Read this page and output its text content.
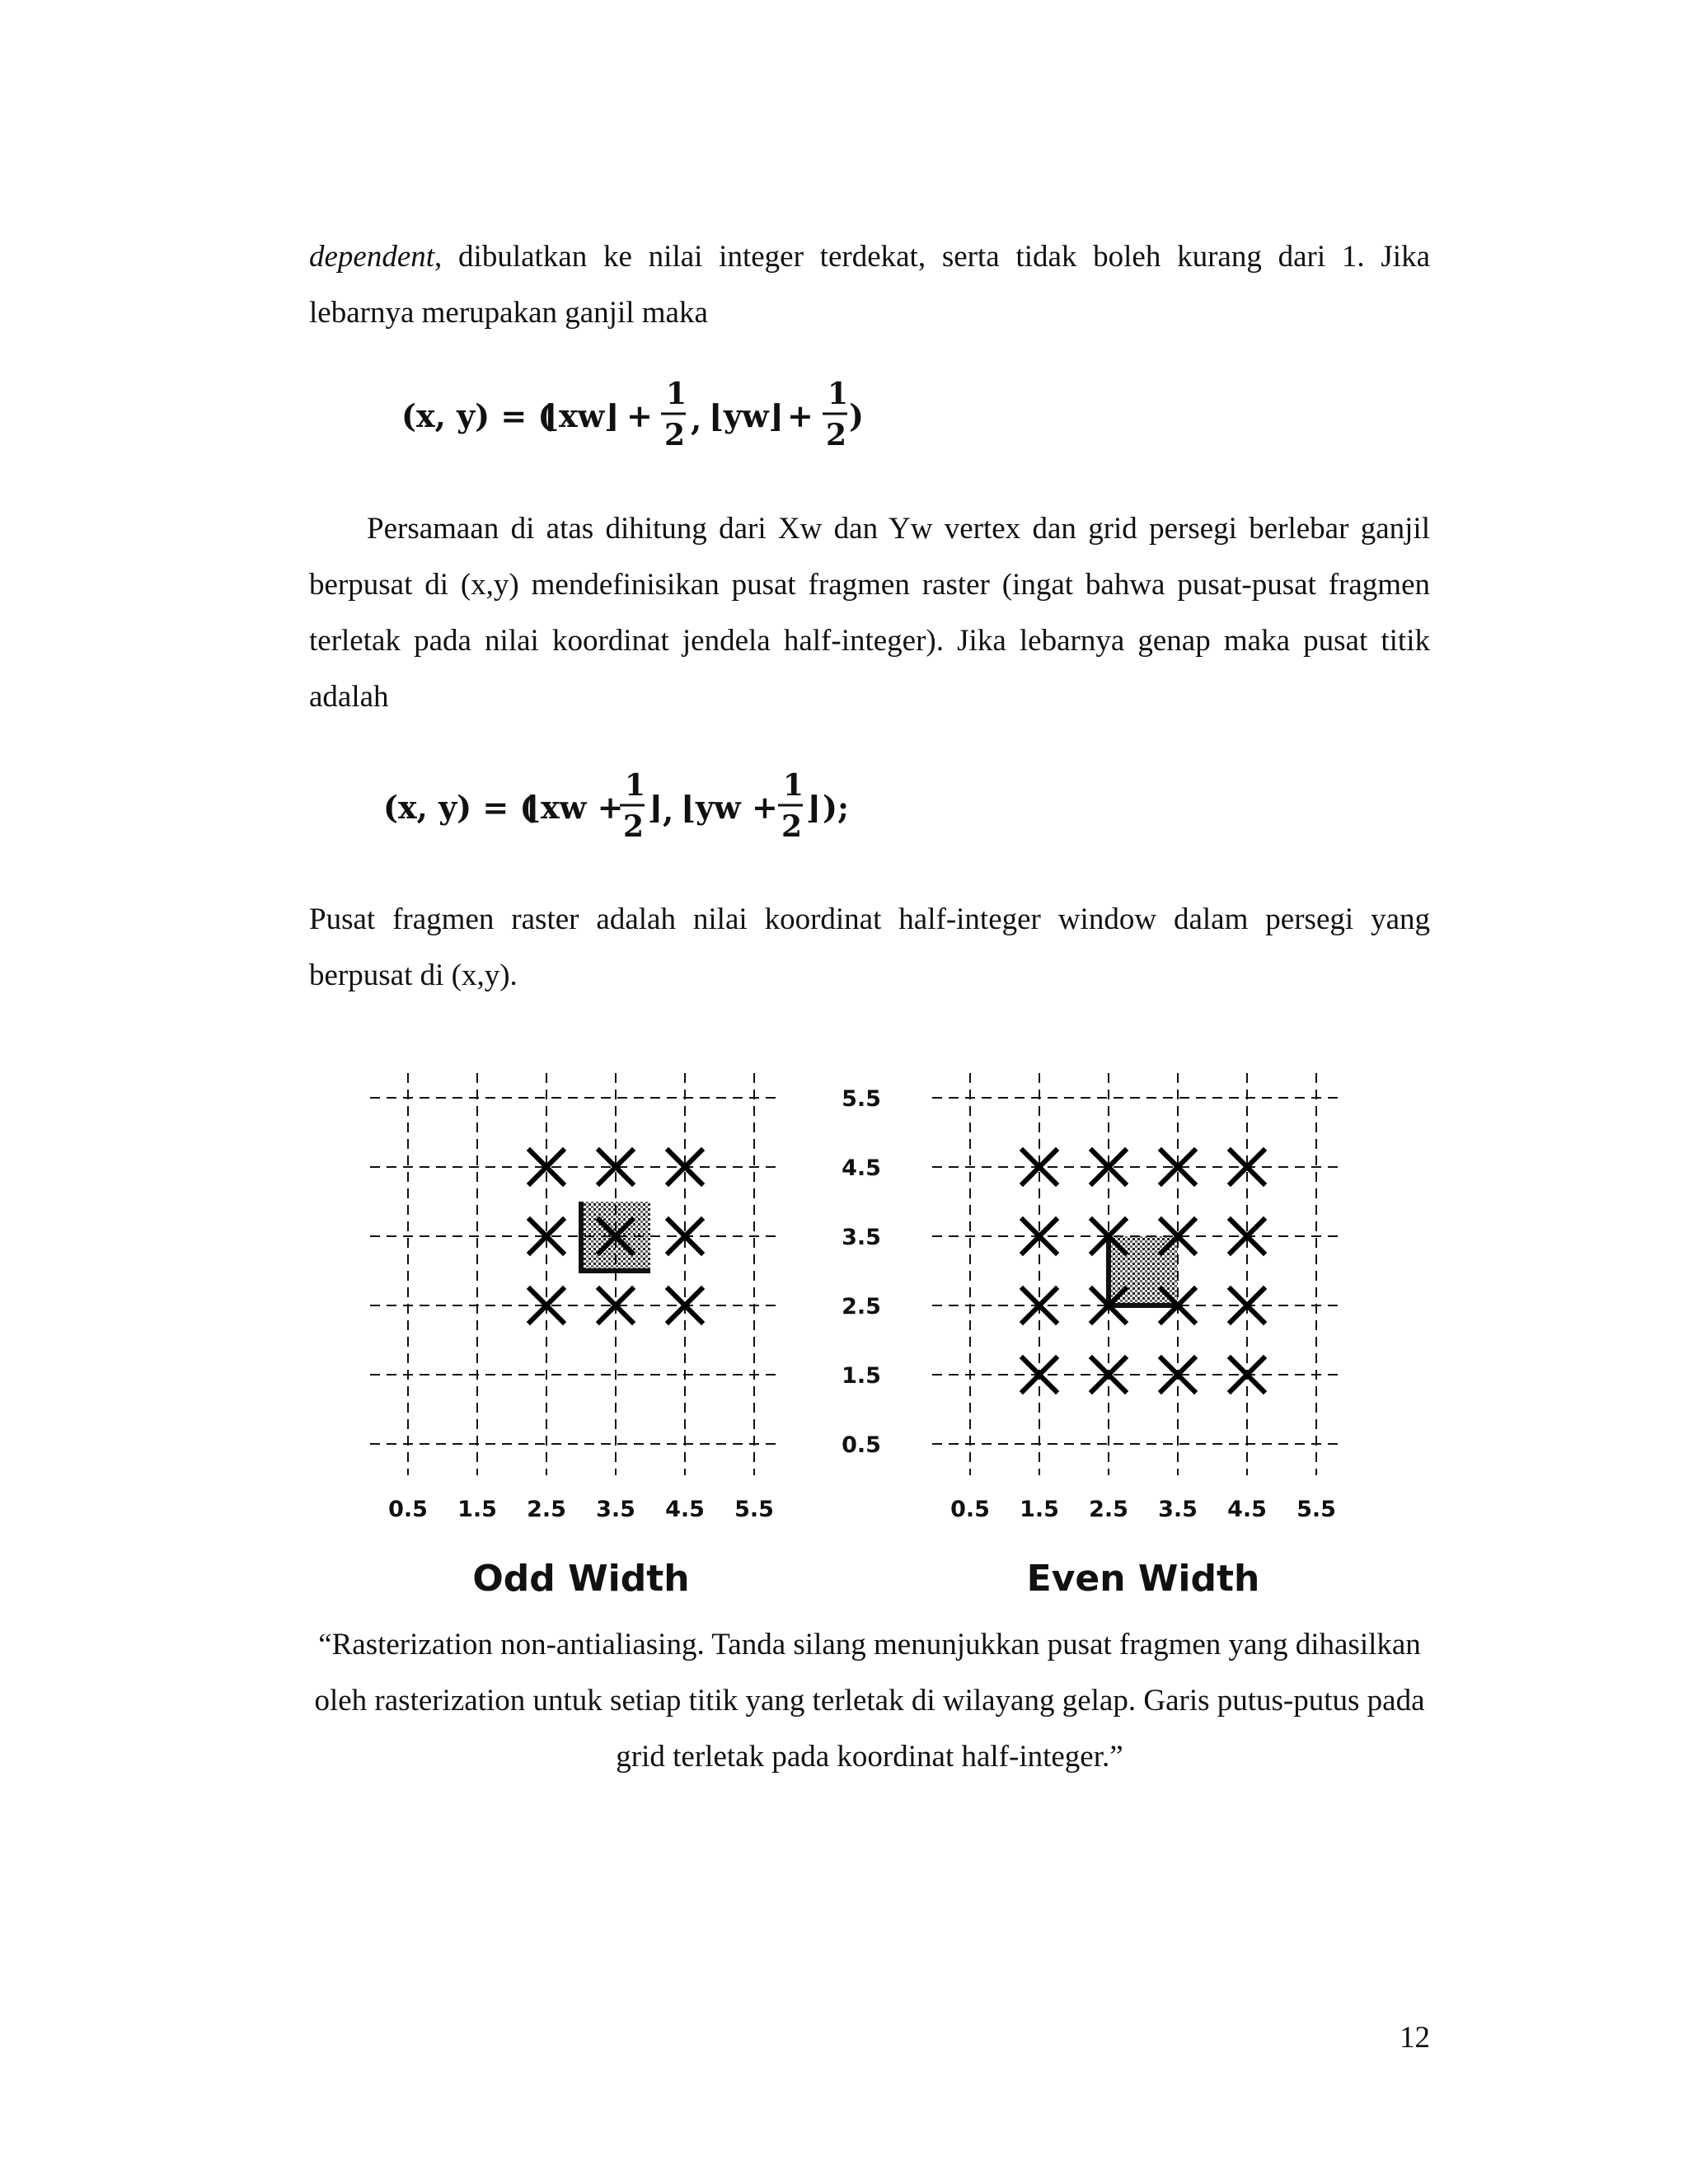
dependent, dibulatkan ke nilai integer terdekat, serta tidak boleh kurang dari 1. Jika lebarnya merupakan ganjil maka

(x, y) = (
⌊xw⌋ +
1
2 , ⌊yw⌋ +
1
2
)

Persamaan di atas dihitung dari Xw dan Yw vertex dan grid persegi berlebar ganjil berpusat di (x,y) mendefinisikan pusat fragmen raster (ingat bahwa pusat-pusat fragmen terletak pada nilai koordinat jendela half-integer). Jika lebarnya genap maka pusat titik adalah

(x, y) = (
⌊xw +
1
2
⌋ , ⌊yw +
1
2
⌋ );

Pusat fragmen raster adalah nilai koordinat half-integer window dalam persegi yang berpusat di (x,y).

0.5 1.5 2.5 3.5 4.5 5.5
Odd Width
0.5 1.5 2.5 3.5 4.5 5.5
Even Width
0.5
1.5
2.5
3.5
4.5
5.5

“Rasterization non-antialiasing. Tanda silang menunjukkan pusat fragmen yang dihasilkan oleh rasterization untuk setiap titik yang terletak di wilayang gelap. Garis putus-putus pada grid terletak pada koordinat half-integer.”

12
